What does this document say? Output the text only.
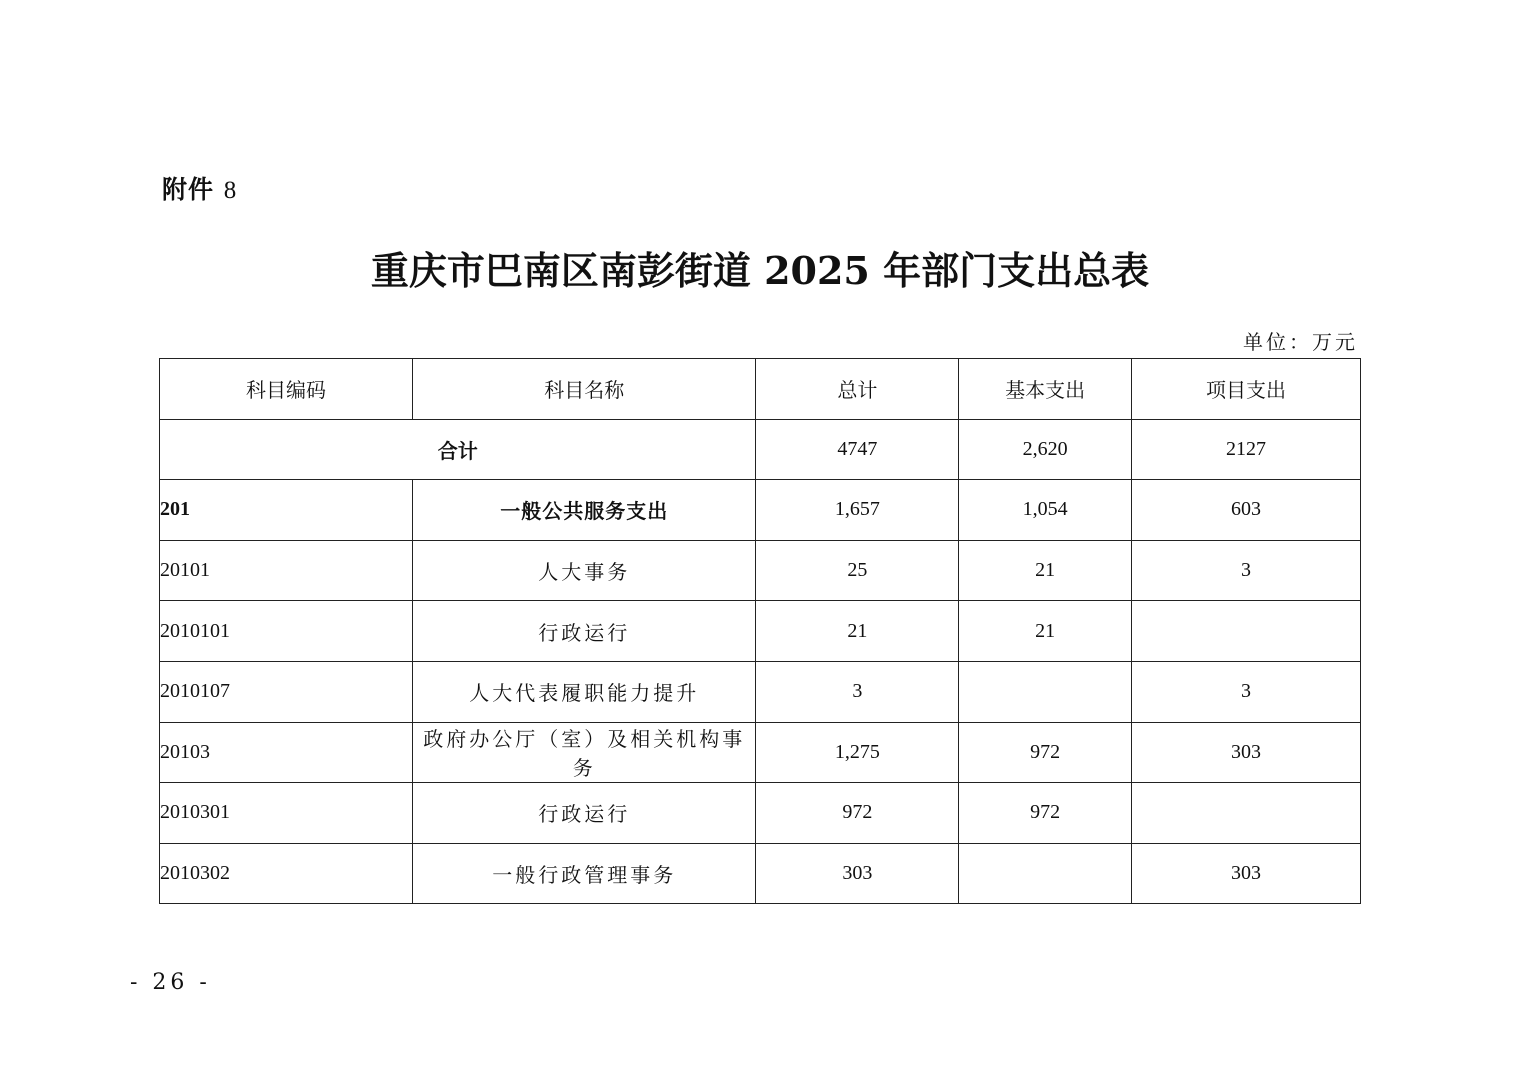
附件 8
重庆市巴南区南彭街道 2025 年部门支出总表
单位：万元
科目编码	科目名称	总计	基本支出	项目支出
合计		4747	2,620	2127
201	一般公共服务支出	1,657	1,054	603
20101	人大事务	25	21	3
2010101	行政运行	21	21	
2010107	人大代表履职能力提升	3		3
20103	政府办公厅（室）及相关机构事务	1,275	972	303
2010301	行政运行	972	972	
2010302	一般行政管理事务	303		303
- 26 -
